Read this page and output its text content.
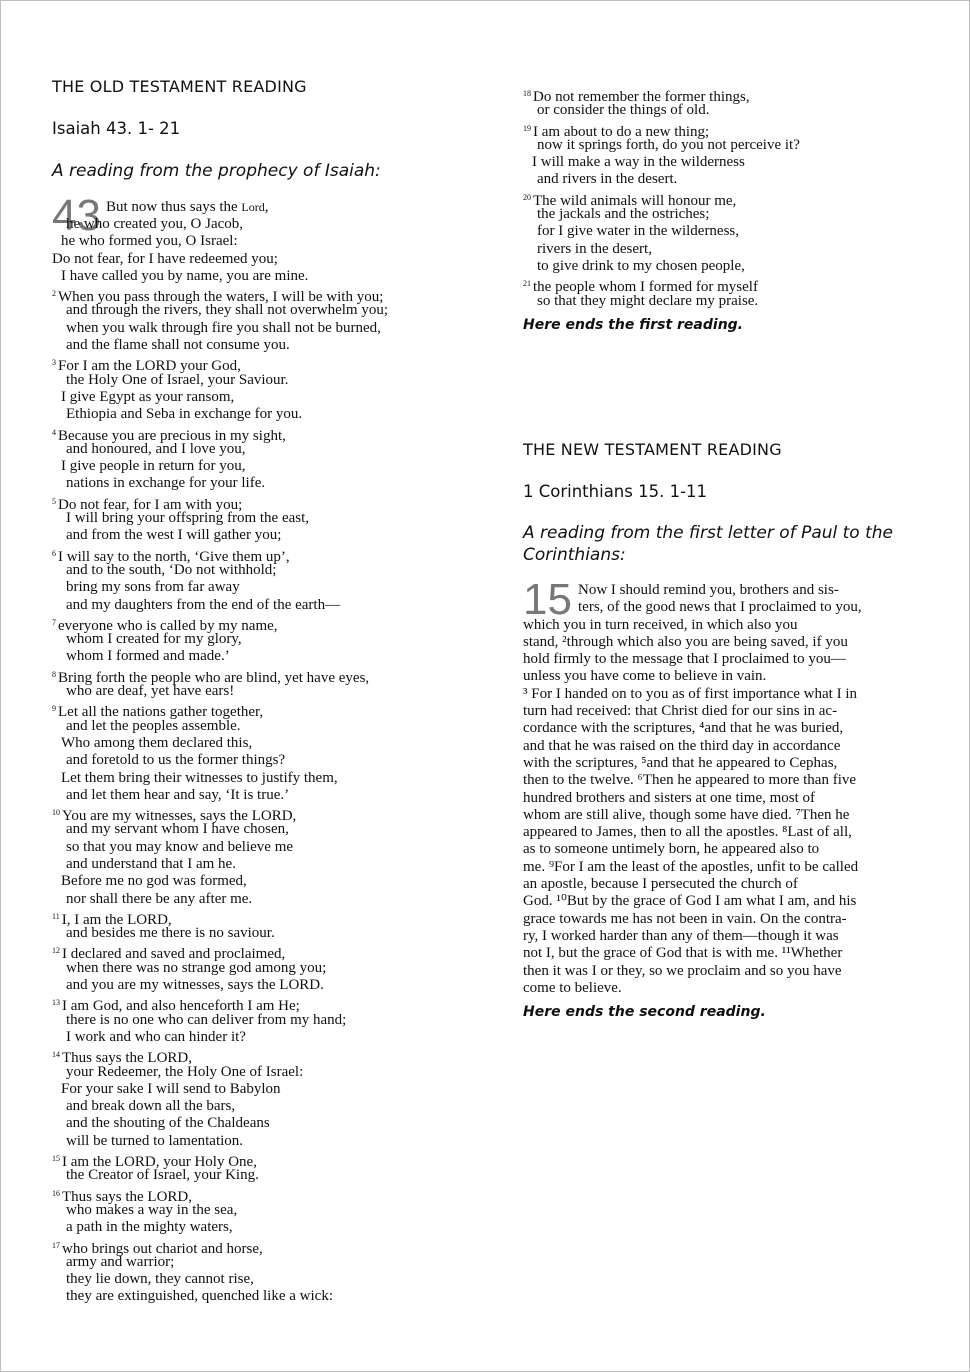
THE OLD TESTAMENT READING
Isaiah 43. 1- 21
A reading from the prophecy of Isaiah:
43 But now thus says the Lord,
he who created you, O Jacob,
he who formed you, O Israel:
Do not fear, for I have redeemed you;
I have called you by name, you are mine.
$^2$ When you pass through the waters, I will be with you;
and through the rivers, they shall not overwhelm you;
when you walk through fire you shall not be burned,
and the flame shall not consume you.
$^3$ For I am the LORD your God,
the Holy One of Israel, your Saviour.
I give Egypt as your ransom,
Ethiopia and Seba in exchange for you.
$^4$ Because you are precious in my sight,
and honoured, and I love you,
I give people in return for you,
nations in exchange for your life.
$^5$ Do not fear, for I am with you;
I will bring your offspring from the east,
and from the west I will gather you;
$^6$ I will say to the north, ‘Give them up’,
and to the south, ‘Do not withhold;
bring my sons from far away
and my daughters from the end of the earth—
$^7$ everyone who is called by my name,
whom I created for my glory,
whom I formed and made.’
$^8$ Bring forth the people who are blind, yet have eyes,
who are deaf, yet have ears!
$^9$ Let all the nations gather together,
and let the peoples assemble.
Who among them declared this,
and foretold to us the former things?
Let them bring their witnesses to justify them,
and let them hear and say, ‘It is true.’
$^{10}$ You are my witnesses, says the LORD,
and my servant whom I have chosen,
so that you may know and believe me
and understand that I am he.
Before me no god was formed,
nor shall there be any after me.
$^{11}$ I, I am the LORD,
and besides me there is no saviour.
$^{12}$ I declared and saved and proclaimed,
when there was no strange god among you;
and you are my witnesses, says the LORD.
$^{13}$ I am God, and also henceforth I am He;
there is no one who can deliver from my hand;
I work and who can hinder it?
$^{14}$ Thus says the LORD,
your Redeemer, the Holy One of Israel:
For your sake I will send to Babylon
and break down all the bars,
and the shouting of the Chaldeans
will be turned to lamentation.
$^{15}$ I am the LORD, your Holy One,
the Creator of Israel, your King.
$^{16}$ Thus says the LORD,
who makes a way in the sea,
a path in the mighty waters,
$^{17}$ who brings out chariot and horse,
army and warrior;
they lie down, they cannot rise,
they are extinguished, quenched like a wick:
$^{18}$ Do not remember the former things,
or consider the things of old.
$^{19}$ I am about to do a new thing;
now it springs forth, do you not perceive it?
I will make a way in the wilderness
and rivers in the desert.
$^{20}$ The wild animals will honour me,
the jackals and the ostriches;
for I give water in the wilderness,
rivers in the desert,
to give drink to my chosen people,
$^{21}$ the people whom I formed for myself
so that they might declare my praise.
Here ends the first reading.
THE NEW TESTAMENT READING
1 Corinthians 15. 1-11
A reading from the first letter of Paul to the Corinthians:
15 Now I should remind you, brothers and sis-
ters, of the good news that I proclaimed to you,
which you in turn received, in which also you
stand, ²through which also you are being saved, if you
hold firmly to the message that I proclaimed to you—
unless you have come to believe in vain.
³ For I handed on to you as of first importance what I in
turn had received: that Christ died for our sins in ac-
cordance with the scriptures, ⁴and that he was buried,
and that he was raised on the third day in accordance
with the scriptures, ⁵and that he appeared to Cephas,
then to the twelve. ⁶Then he appeared to more than five
hundred brothers and sisters at one time, most of
whom are still alive, though some have died. ⁷Then he
appeared to James, then to all the apostles. ⁸Last of all,
as to someone untimely born, he appeared also to
me. ⁹For I am the least of the apostles, unfit to be called
an apostle, because I persecuted the church of
God. ¹⁰But by the grace of God I am what I am, and his
grace towards me has not been in vain. On the contra-
ry, I worked harder than any of them—though it was
not I, but the grace of God that is with me. ¹¹Whether
then it was I or they, so we proclaim and so you have
come to believe.
Here ends the second reading.
